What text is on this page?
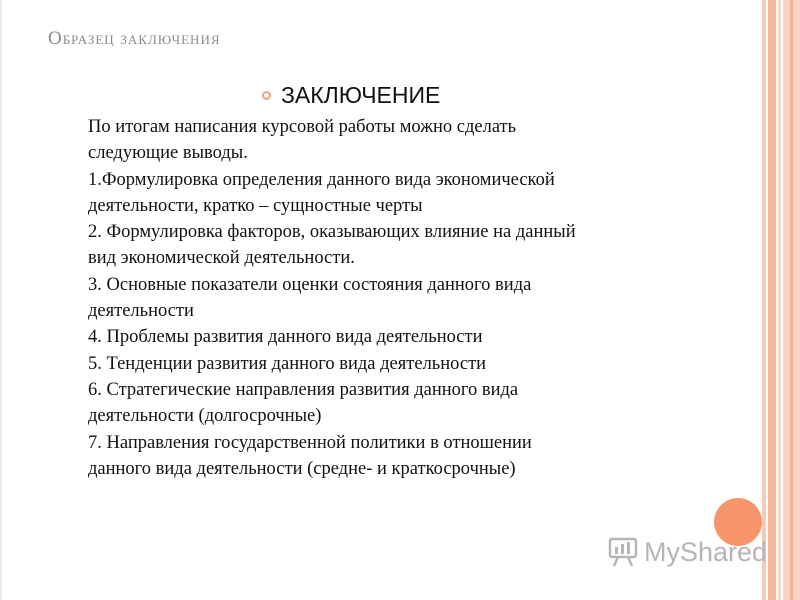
Образец заключения
ЗАКЛЮЧЕНИЕ
По итогам написания курсовой работы можно сделать
следующие выводы.
1.Формулировка определения данного вида экономической
деятельности, кратко – сущностные черты
2. Формулировка факторов, оказывающих влияние на данный
вид экономической деятельности.
3. Основные показатели оценки состояния данного вида
деятельности
4. Проблемы развития данного вида деятельности
5. Тенденции развития данного вида деятельности
6. Стратегические направления развития данного вида
деятельности (долгосрочные)
7. Направления государственной политики в отношении
данного вида деятельности (средне- и краткосрочные)
MyShared
